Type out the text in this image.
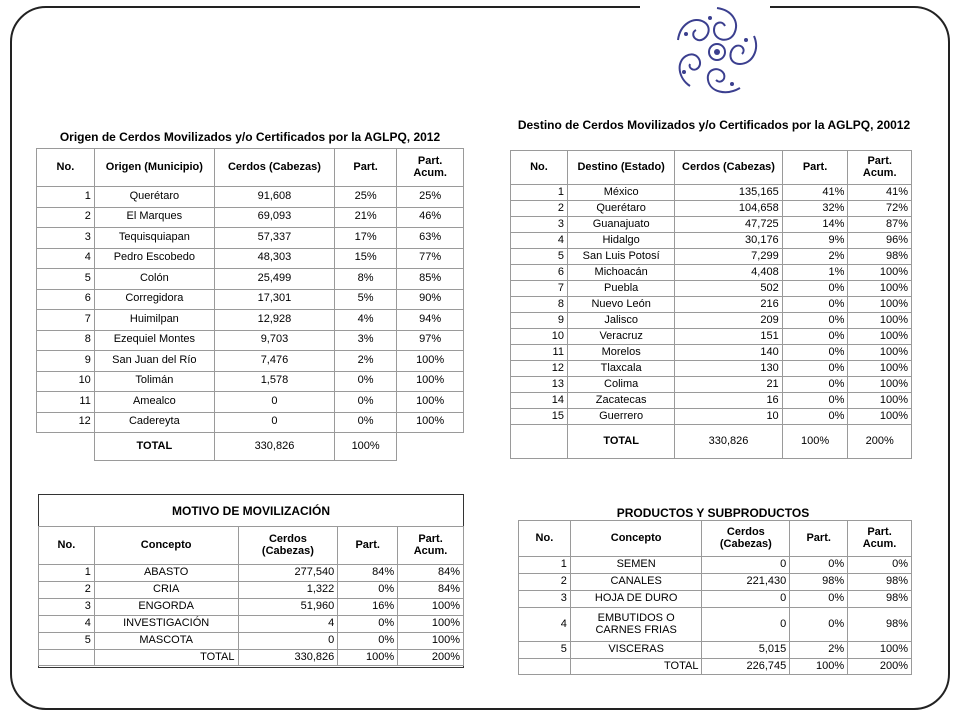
Origen de Cerdos Movilizados y/o Certificados por la AGLPQ, 2012
No.	Origen (Municipio)	Cerdos (Cabezas)	Part.	Part. Acum.
1	Querétaro	91,608	25%	25%
2	El Marques	69,093	21%	46%
3	Tequisquiapan	57,337	17%	63%
4	Pedro Escobedo	48,303	15%	77%
5	Colón	25,499	8%	85%
6	Corregidora	17,301	5%	90%
7	Huimilpan	12,928	4%	94%
8	Ezequiel Montes	9,703	3%	97%
9	San Juan del Río	7,476	2%	100%
10	Tolimán	1,578	0%	100%
11	Amealco	0	0%	100%
12	Cadereyta	0	0%	100%
	TOTAL	330,826	100%	
Destino de Cerdos Movilizados y/o Certificados por la AGLPQ, 20012
No.	Destino (Estado)	Cerdos (Cabezas)	Part.	Part. Acum.
1	México	135,165	41%	41%
2	Querétaro	104,658	32%	72%
3	Guanajuato	47,725	14%	87%
4	Hidalgo	30,176	9%	96%
5	San Luis Potosí	7,299	2%	98%
6	Michoacán	4,408	1%	100%
7	Puebla	502	0%	100%
8	Nuevo León	216	0%	100%
9	Jalisco	209	0%	100%
10	Veracruz	151	0%	100%
11	Morelos	140	0%	100%
12	Tlaxcala	130	0%	100%
13	Colima	21	0%	100%
14	Zacatecas	16	0%	100%
15	Guerrero	10	0%	100%
	TOTAL	330,826	100%	200%
MOTIVO DE MOVILIZACIÓN
No.	Concepto	Cerdos (Cabezas)	Part.	Part. Acum.
1	ABASTO	277,540	84%	84%
2	CRIA	1,322	0%	84%
3	ENGORDA	51,960	16%	100%
4	INVESTIGACIÓN	4	0%	100%
5	MASCOTA	0	0%	100%
	TOTAL	330,826	100%	200%
PRODUCTOS Y SUBPRODUCTOS
No.	Concepto	Cerdos (Cabezas)	Part.	Part. Acum.
1	SEMEN	0	0%	0%
2	CANALES	221,430	98%	98%
3	HOJA DE DURO	0	0%	98%
4	EMBUTIDOS O CARNES FRIAS	0	0%	98%
5	VISCERAS	5,015	2%	100%
	TOTAL	226,745	100%	200%
